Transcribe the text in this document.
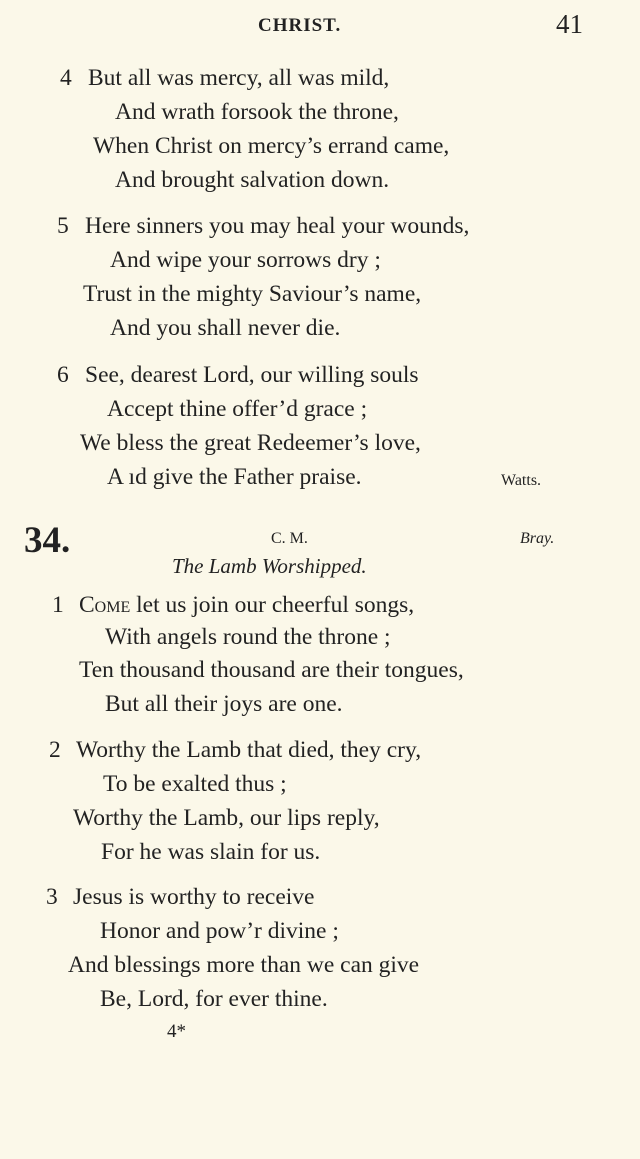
CHRIST.	41
4 But all was mercy, all was mild,
And wrath forsook the throne,
When Christ on mercy’s errand came,
And brought salvation down.
5 Here sinners you may heal your wounds,
And wipe your sorrows dry ;
Trust in the mighty Saviour’s name,
And you shall never die.
6 See, dearest Lord, our willing souls
Accept thine offer’d grace ;
We bless the great Redeemer’s love,
A ıd give the Father praise.	Watts.
34.	C. M.	Bray.
The Lamb Worshipped.
1 Come let us join our cheerful songs,
With angels round the throne ;
Ten thousand thousand are their tongues,
But all their joys are one.
2 Worthy the Lamb that died, they cry,
To be exalted thus ;
Worthy the Lamb, our lips reply,
For he was slain for us.
3 Jesus is worthy to receive
Honor and pow’r divine ;
And blessings more than we can give
Be, Lord, for ever thine.
4*
